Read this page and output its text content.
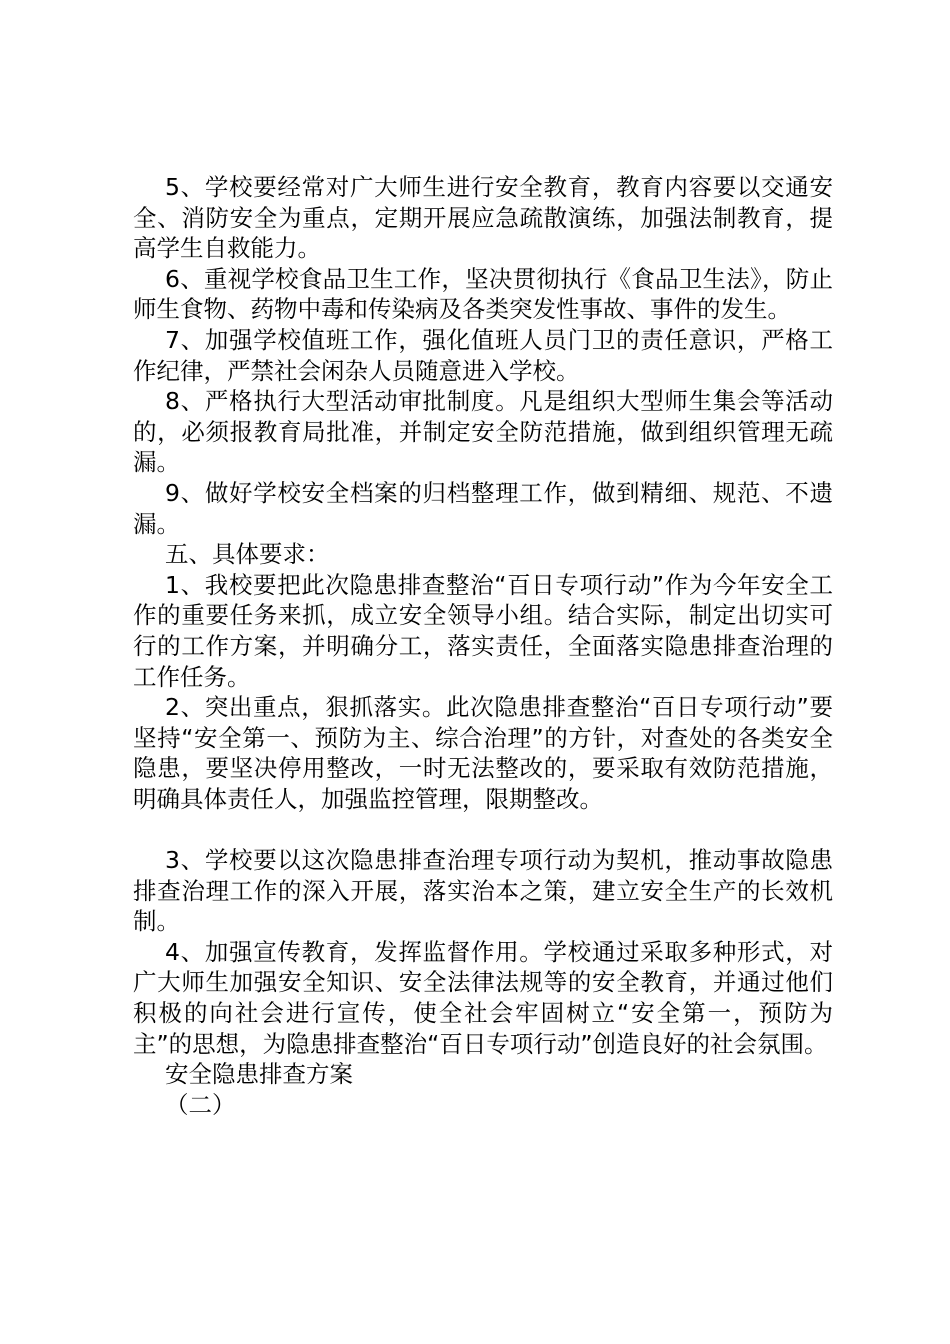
5、学校要经常对广大师生进行安全教育，教育内容要以交通安全、消防安全为重点，定期开展应急疏散演练，加强法制教育，提高学生自救能力。

6、重视学校食品卫生工作，坚决贯彻执行《食品卫生法》，防止师生食物、药物中毒和传染病及各类突发性事故、事件的发生。

7、加强学校值班工作，强化值班人员门卫的责任意识，严格工作纪律，严禁社会闲杂人员随意进入学校。

8、严格执行大型活动审批制度。凡是组织大型师生集会等活动的，必须报教育局批准，并制定安全防范措施，做到组织管理无疏漏。

9、做好学校安全档案的归档整理工作，做到精细、规范、不遗漏。

五、具体要求：

1、我校要把此次隐患排查整治“百日专项行动”作为今年安全工作的重要任务来抓，成立安全领导小组。结合实际，制定出切实可行的工作方案，并明确分工，落实责任，全面落实隐患排查治理的工作任务。

2、突出重点，狠抓落实。此次隐患排查整治“百日专项行动”要坚持“安全第一、预防为主、综合治理”的方针，对查处的各类安全隐患，要坚决停用整改，一时无法整改的，要采取有效防范措施，明确具体责任人，加强监控管理，限期整改。

3、学校要以这次隐患排查治理专项行动为契机，推动事故隐患排查治理工作的深入开展，落实治本之策，建立安全生产的长效机制。

4、加强宣传教育，发挥监督作用。学校通过采取多种形式，对广大师生加强安全知识、安全法律法规等的安全教育，并通过他们积极的向社会进行宣传，使全社会牢固树立“安全第一，预防为主”的思想，为隐患排查整治“百日专项行动”创造良好的社会氛围。

安全隐患排查方案

（二）
